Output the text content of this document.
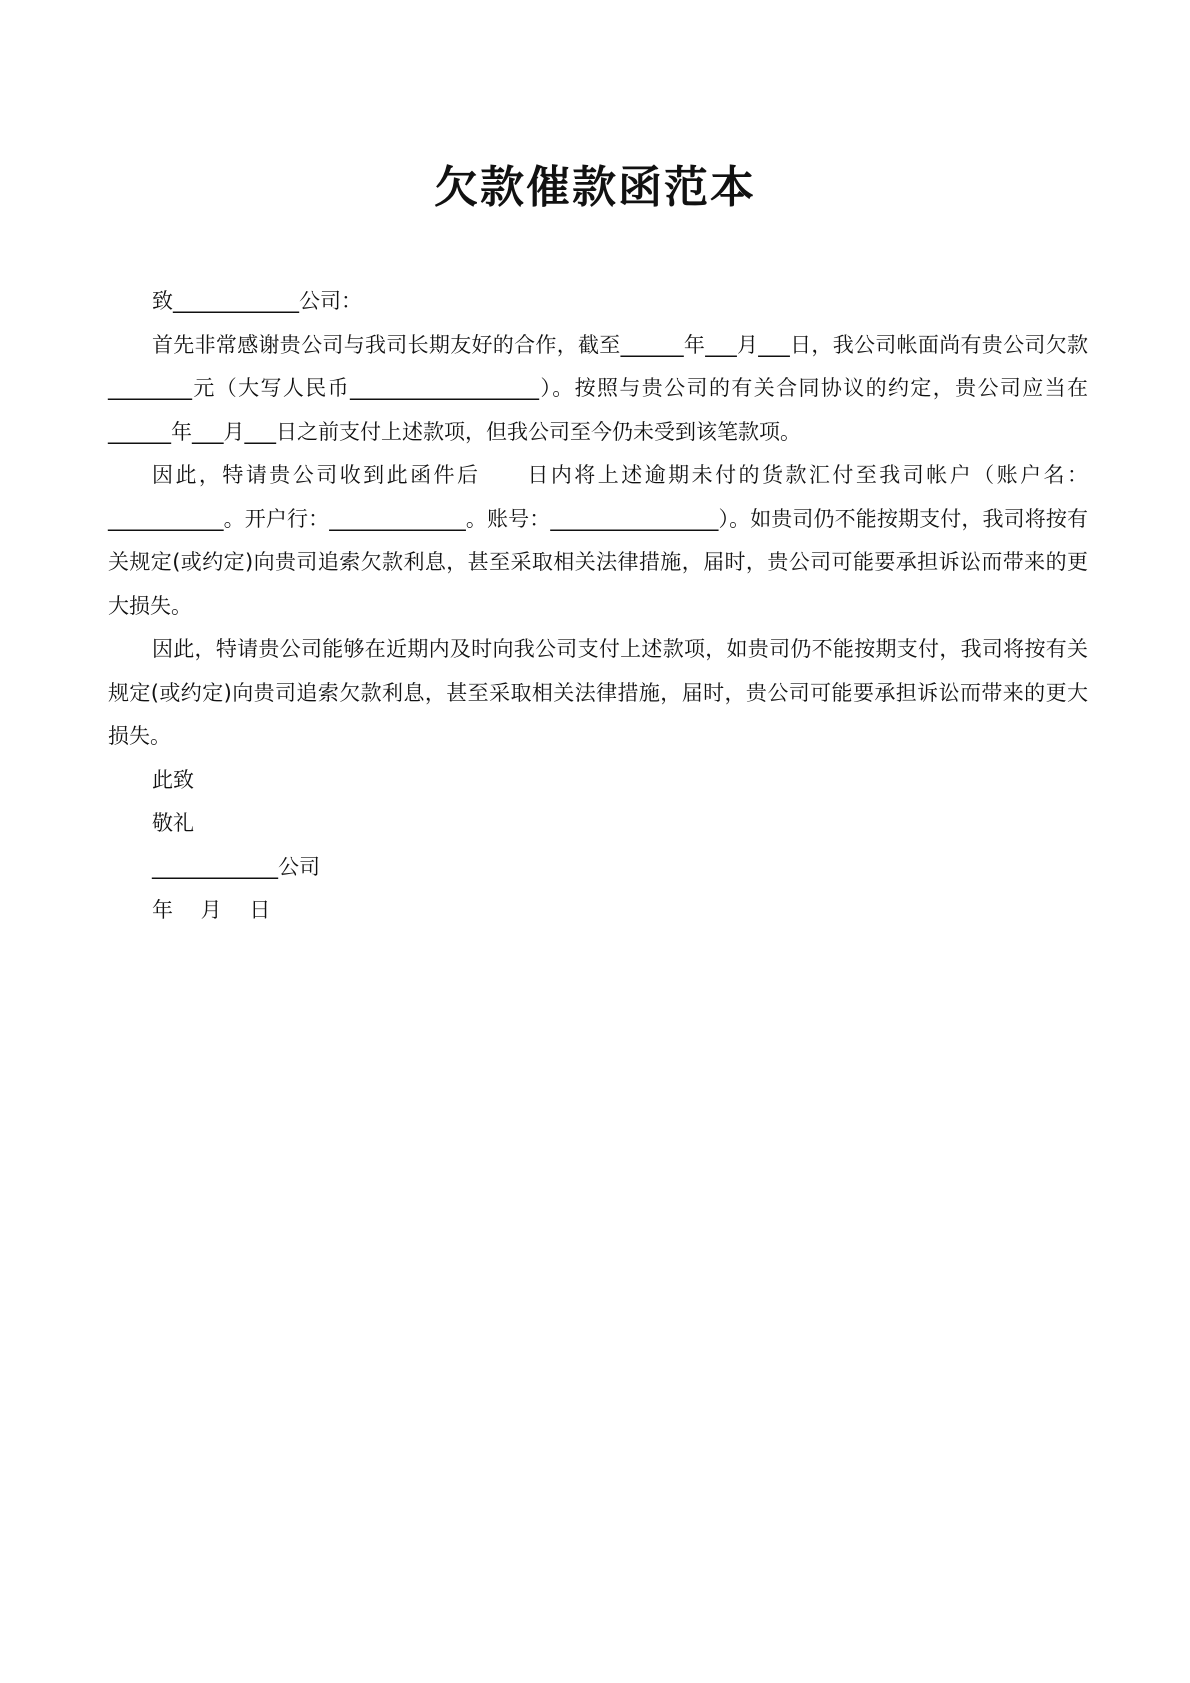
欠款催款函范本

致____________公司：

首先非常感谢贵公司与我司长期友好的合作，截至______年___月___日，我公司帐面尚有贵公司欠款________元（大写人民币__________________）。按照与贵公司的有关合同协议的约定，贵公司应当在______年___月___日之前支付上述款项，但我公司至今仍未受到该笔款项。

因此，特请贵公司收到此函件后　　日内将上述逾期未付的货款汇付至我司帐户（账户名：___________。开户行：_____________。账号：________________）。如贵司仍不能按期支付，我司将按有关规定(或约定)向贵司追索欠款利息，甚至采取相关法律措施，届时，贵公司可能要承担诉讼而带来的更大损失。

因此，特请贵公司能够在近期内及时向我公司支付上述款项，如贵司仍不能按期支付，我司将按有关规定(或约定)向贵司追索欠款利息，甚至采取相关法律措施，届时，贵公司可能要承担诉讼而带来的更大损失。

此致

敬礼

____________公司

年　 月　 日
